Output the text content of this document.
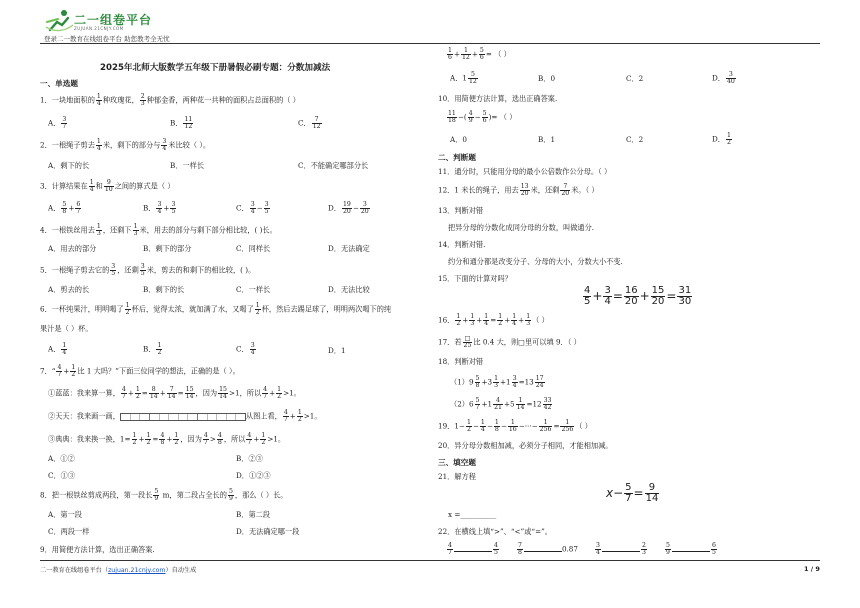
二一组卷平台
ZUJUAN.21CNJY.COM
登录二一教育在线组卷平台 助您教考全无忧
2025年北师大版数学五年级下册暑假必刷专题：分数加减法
一、单选题
1．一块地面积的 $\frac{1}{4}$ 种玫瑰花， $\frac{2}{3}$ 种郁金香，两种花一共种的面积占总面积的（ ）
A． $\frac{3}{7}$	B． $\frac{11}{12}$	C． $\frac{7}{12}$
2．一根绳子剪去 $\frac{1}{4}$ 米，剩下的部分与 $\frac{3}{4}$ 米比较（ ）。
A．剩下的长	B．一样长	C．不能确定哪部分长
3．计算结果在 $\frac{1}{4}$ 和 $\frac{9}{10}$ 之间的算式是（ ）
A． $\frac{5}{8} + \frac{6}{7}$	B． $\frac{3}{4} + \frac{3}{5}$	C． $\frac{3}{4} - \frac{3}{5}$	D． $\frac{19}{20} - \frac{3}{20}$
4．一根铁丝用去 $\frac{1}{3}$ ，还剩下 $\frac{1}{3}$ 米，用去的部分与剩下部分相比较，( )长。
A．用去的部分	B．剩下的部分	C．同样长	D．无法确定
5．一根绳子剪去它的 $\frac{3}{5}$ ，还剩 $\frac{3}{5}$ 米，剪去的和剩下的相比较，( )。
A．剪去的长	B．剩下的长	C．一样长	D．无法比较
6．一杯纯果汁，明明喝了 $\frac{1}{2}$ 杯后，觉得太浓，就加满了水，又喝了 $\frac{1}{2}$ 杯，然后去踢足球了，明明两次喝下的纯
果汁是（ ）杯。
A． $\frac{1}{4}$	B． $\frac{1}{2}$	C． $\frac{3}{4}$	D．1
7．“ $\frac{4}{7} + \frac{1}{2}$ 比 1 大吗？”下面三位同学的想法，正确的是（ ）。
①蓝蓝：我来算一算， $\frac{4}{7} + \frac{1}{2} = \frac{8}{14} + \frac{7}{14} = \frac{15}{14}$ ，因为 $\frac{15}{14} >1$，所以 $\frac{4}{7} + \frac{1}{2} >1$。
②天天：我来画一画，	从图上看， $\frac{4}{7} + \frac{1}{2} >1$。
③典典：我来换一换，$1= \frac{1}{2} + \frac{1}{2} = \frac{4}{8} + \frac{1}{2}$ ，因为 $\frac{4}{7} > \frac{4}{8}$ ，所以 $\frac{4}{7} + \frac{1}{2} >1$。
A．①②	B．②③
C．①③	D．①②③
8．把一根铁丝剪成两段，第一段长 $\frac{5}{9}$ m，第二段占全长的 $\frac{5}{9}$ ，那么（ ）长。
A．第一段	B．第二段
C．两段一样	D．无法确定哪一段
9．用简便方法计算，选出正确答案.
$\frac{1}{6} + \frac{1}{12} + \frac{5}{6}$ = （ ）
A．$1 \frac{5}{12}$	B．0	C．2	D． $\frac{3}{40}$
10．用简便方法计算，选出正确答案.
$\frac{11}{18}$ −( $\frac{4}{9} - \frac{5}{6}$ )= （ ）
A．0	B．1	C．2	D． $\frac{1}{2}$
二、判断题
11．通分时，只能用分母的最小公倍数作公分母。（ ）
12．1 米长的绳子，用去 $\frac{13}{20}$ 米，还剩 $\frac{7}{20}$ 米。（ ）
13．判断对错
把异分母的分数化成同分母的分数，叫做通分.
14．判断对错.
约分和通分都是改变分子、分母的大小，分数大小不变.
15．下面的计算对吗？
$\frac{4}{5} + \frac{3}{4} = \frac{16}{20} + \frac{15}{20} = \frac{31}{30}$
16． $\frac{1}{2} + \frac{1}{3} + \frac{1}{4} = \frac{1}{2} + \frac{1}{4} + \frac{1}{3}$ （ ）
17．若 $\frac{□}{25}$ 比 0.4 大，则□里可以填 9．（ ）
18．判断对错
$(1)9 \frac{5}{8} +3 \frac{1}{3} +1 \frac{3}{4} =13 \frac{17}{24}$
$(2)6 \frac{5}{7} +1 \frac{4}{21} +5 \frac{1}{14} =12 \frac{33}{42}$
19．$1- \frac{1}{2} - \frac{1}{4} - \frac{1}{8} - \frac{1}{16}$ −···− $\frac{1}{256} = \frac{1}{256}$ （ ）
20．异分母分数相加减，必须分子相同，才能相加减。
三、填空题
21．解方程
$x- \frac{5}{7} = \frac{9}{14}$
x =__________
22．在横线上填“>”、“<”或“=”。
$\frac{4}{7}$	$\frac{4}{5}$	$\frac{7}{8}$	0.87	$\frac{3}{4}$	$\frac{2}{3}$	$\frac{5}{9}$	$\frac{6}{5}$
二一教育在线组卷平台（zujuan.21cnjy.com）自动生成	1 / 9
